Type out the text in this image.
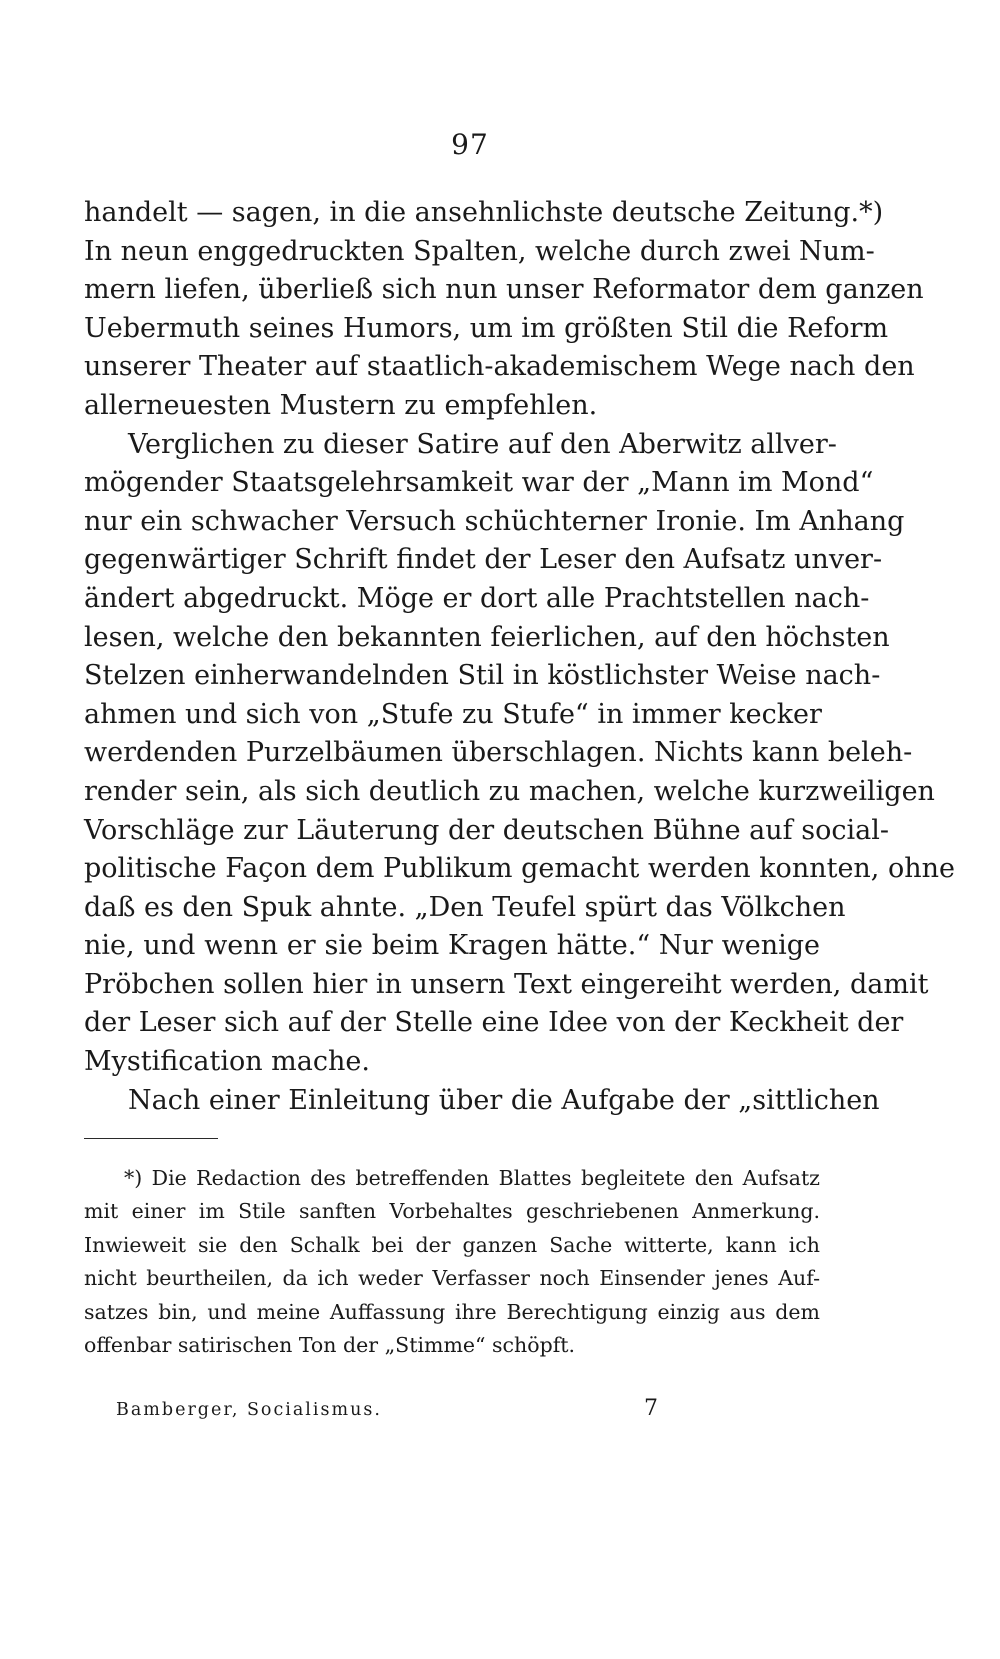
97
handelt — sagen, in die ansehnlichste deutsche Zeitung.*)
In neun enggedruckten Spalten, welche durch zwei Num-
mern liefen, überließ sich nun unser Reformator dem ganzen
Uebermuth seines Humors, um im größten Stil die Reform
unserer Theater auf staatlich-akademischem Wege nach den
allerneuesten Mustern zu empfehlen.
Verglichen zu dieser Satire auf den Aberwitz allver-
mögender Staatsgelehrsamkeit war der „Mann im Mond“
nur ein schwacher Versuch schüchterner Ironie. Im Anhang
gegenwärtiger Schrift findet der Leser den Aufsatz unver-
ändert abgedruckt. Möge er dort alle Prachtstellen nach-
lesen, welche den bekannten feierlichen, auf den höchsten
Stelzen einherwandelnden Stil in köstlichster Weise nach-
ahmen und sich von „Stufe zu Stufe“ in immer kecker
werdenden Purzelbäumen überschlagen. Nichts kann beleh-
render sein, als sich deutlich zu machen, welche kurzweiligen
Vorschläge zur Läuterung der deutschen Bühne auf social-
politische Façon dem Publikum gemacht werden konnten, ohne
daß es den Spuk ahnte. „Den Teufel spürt das Völkchen
nie, und wenn er sie beim Kragen hätte.“ Nur wenige
Pröbchen sollen hier in unsern Text eingereiht werden, damit
der Leser sich auf der Stelle eine Idee von der Keckheit der
Mystification mache.
Nach einer Einleitung über die Aufgabe der „sittlichen
*) Die Redaction des betreffenden Blattes begleitete den Aufsatz
mit einer im Stile sanften Vorbehaltes geschriebenen Anmerkung.
Inwieweit sie den Schalk bei der ganzen Sache witterte, kann ich
nicht beurtheilen, da ich weder Verfasser noch Einsender jenes Auf-
satzes bin, und meine Auffassung ihre Berechtigung einzig aus dem
offenbar satirischen Ton der „Stimme“ schöpft.
Bamberger, Socialismus.	7
